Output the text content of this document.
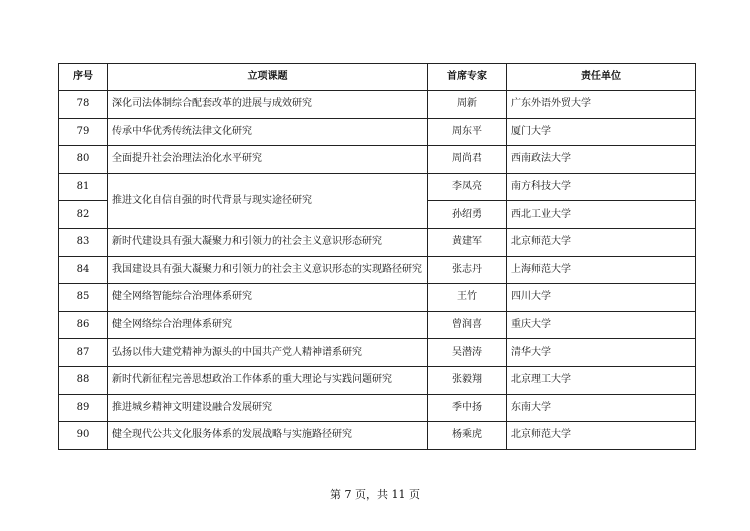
序号	立项课题	首席专家	责任单位
78	深化司法体制综合配套改革的进展与成效研究	周新	广东外语外贸大学
79	传承中华优秀传统法律文化研究	周东平	厦门大学
80	全面提升社会治理法治化水平研究	周尚君	西南政法大学
81	推进文化自信自强的时代背景与现实途径研究	李凤亮	南方科技大学
82		孙绍勇	西北工业大学
83	新时代建设具有强大凝聚力和引领力的社会主义意识形态研究	黄建军	北京师范大学
84	我国建设具有强大凝聚力和引领力的社会主义意识形态的实现路径研究	张志丹	上海师范大学
85	健全网络智能综合治理体系研究	王竹	四川大学
86	健全网络综合治理体系研究	曾润喜	重庆大学
87	弘扬以伟大建党精神为源头的中国共产党人精神谱系研究	吴潜涛	清华大学
88	新时代新征程完善思想政治工作体系的重大理论与实践问题研究	张毅翔	北京理工大学
89	推进城乡精神文明建设融合发展研究	季中扬	东南大学
90	健全现代公共文化服务体系的发展战略与实施路径研究	杨乘虎	北京师范大学
第 7 页，共 11 页
